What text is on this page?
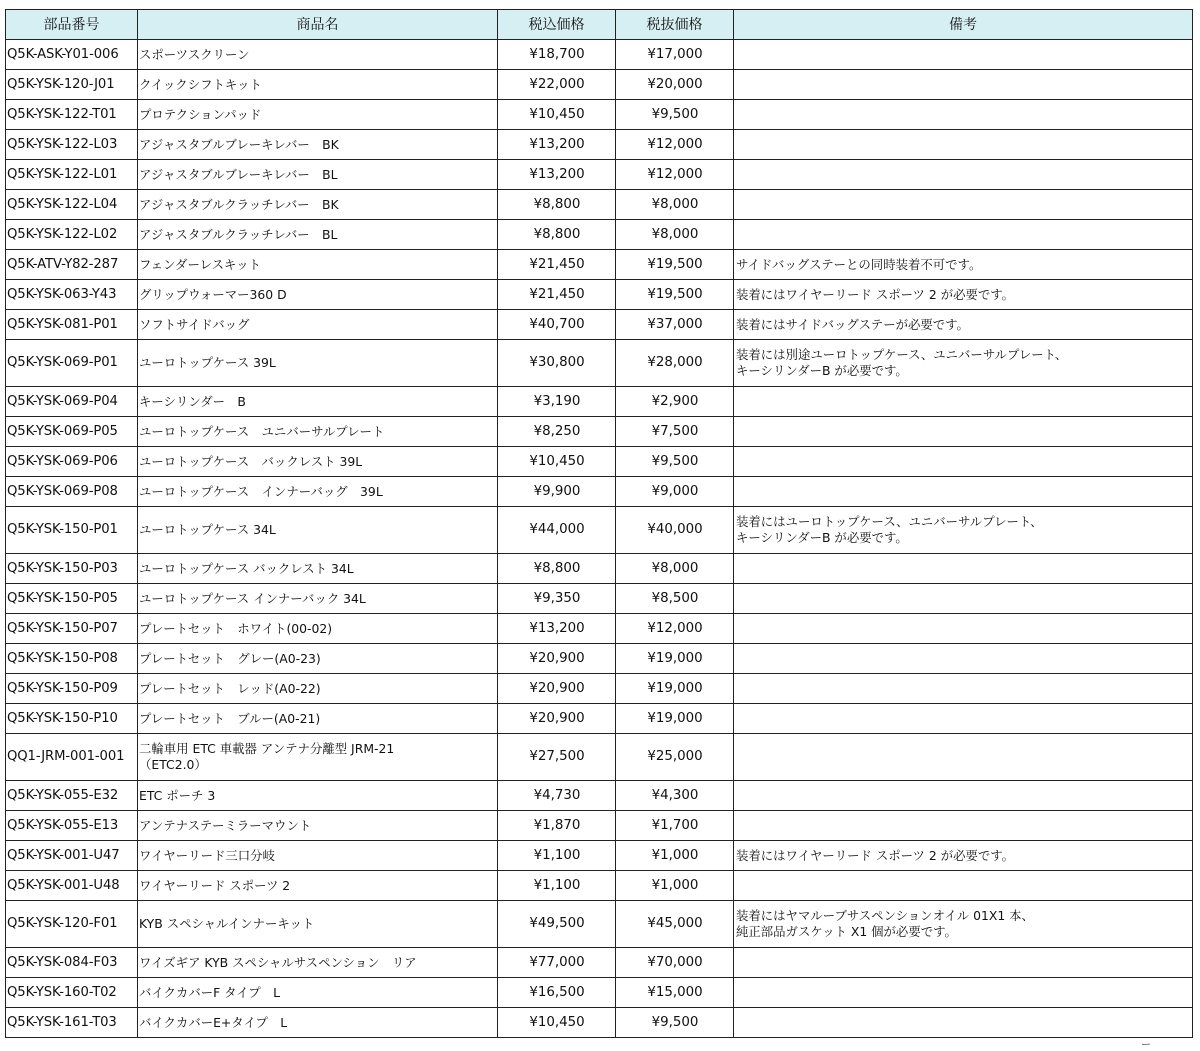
部品番号	商品名	税込価格	税抜価格	備考
Q5K-ASK-Y01-006	スポーツスクリーン	¥18,700	¥17,000	
Q5K-YSK-120-J01	クイックシフトキット	¥22,000	¥20,000	
Q5K-YSK-122-T01	プロテクションパッド	¥10,450	¥9,500	
Q5K-YSK-122-L03	アジャスタブルブレーキレバー　BK	¥13,200	¥12,000	
Q5K-YSK-122-L01	アジャスタブルブレーキレバー　BL	¥13,200	¥12,000	
Q5K-YSK-122-L04	アジャスタブルクラッチレバー　BK	¥8,800	¥8,000	
Q5K-YSK-122-L02	アジャスタブルクラッチレバー　BL	¥8,800	¥8,000	
Q5K-ATV-Y82-287	フェンダーレスキット	¥21,450	¥19,500	サイドバッグステーとの同時装着不可です。

Q5K-YSK-063-Y43	グリップウォーマー360 D	¥21,450	¥19,500	装着にはワイヤーリード スポーツ 2 が必要です。

Q5K-YSK-081-P01	ソフトサイドバッグ	¥40,700	¥37,000	装着にはサイドバッグステーが必要です。

Q5K-YSK-069-P01	ユーロトップケース 39L	¥30,800	¥28,000	装着には別途ユーロトップケース、ユニバーサルプレート、
キーシリンダーB が必要です。

Q5K-YSK-069-P04	キーシリンダー　B	¥3,190	¥2,900	
Q5K-YSK-069-P05	ユーロトップケース　ユニバーサルプレート	¥8,250	¥7,500	
Q5K-YSK-069-P06	ユーロトップケース　バックレスト 39L	¥10,450	¥9,500	
Q5K-YSK-069-P08	ユーロトップケース　インナーバッグ　39L	¥9,900	¥9,000	
Q5K-YSK-150-P01	ユーロトップケース 34L	¥44,000	¥40,000	装着にはユーロトップケース、ユニバーサルプレート、
キーシリンダーB が必要です。

Q5K-YSK-150-P03	ユーロトップケース バックレスト 34L	¥8,800	¥8,000	
Q5K-YSK-150-P05	ユーロトップケース インナーバック 34L	¥9,350	¥8,500	
Q5K-YSK-150-P07	プレートセット　ホワイト(00-02)	¥13,200	¥12,000	
Q5K-YSK-150-P08	プレートセット　グレー(A0-23)	¥20,900	¥19,000	
Q5K-YSK-150-P09	プレートセット　レッド(A0-22)	¥20,900	¥19,000	
Q5K-YSK-150-P10	プレートセット　ブルー(A0-21)	¥20,900	¥19,000	
QQ1-JRM-001-001	二輪車用 ETC 車載器 アンテナ分離型 JRM-21
（ETC2.0）	¥27,500	¥25,000	
Q5K-YSK-055-E32	ETC ポーチ 3	¥4,730	¥4,300	
Q5K-YSK-055-E13	アンテナステーミラーマウント	¥1,870	¥1,700	
Q5K-YSK-001-U47	ワイヤーリード三口分岐	¥1,100	¥1,000	装着にはワイヤーリード スポーツ 2 が必要です。

Q5K-YSK-001-U48	ワイヤーリード スポーツ 2	¥1,100	¥1,000	
Q5K-YSK-120-F01	KYB スペシャルインナーキット	¥49,500	¥45,000	装着にはヤマルーブサスペンションオイル 01X1 本、
純正部品ガスケット X1 個が必要です。

Q5K-YSK-084-F03	ワイズギア KYB スペシャルサスペンション　リア	¥77,000	¥70,000	
Q5K-YSK-160-T02	バイクカバーF タイプ　L	¥16,500	¥15,000	
Q5K-YSK-161-T03	バイクカバーE+タイプ　L	¥10,450	¥9,500	
ー
